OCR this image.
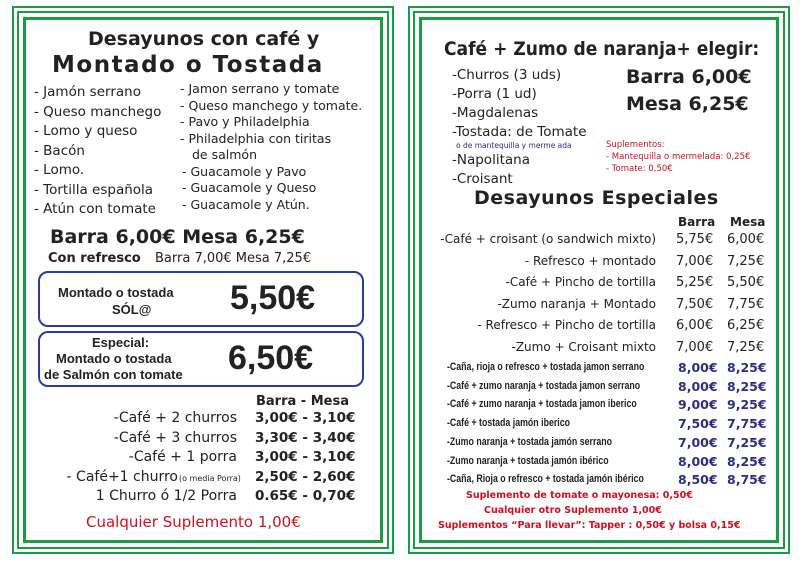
Desayunos con café y
Montado o Tostada
- Jamón serrano
- Queso manchego
- Lomo y queso
- Bacón
- Lomo.
- Tortilla española
- Atún con tomate
- Jamon serrano y tomate
- Queso manchego y tomate.
- Pavo y Philadelphia
- Philadelphia con tiritas
de salmón
- Guacamole y Pavo
- Guacamole y Queso
- Guacamole y Atún.
Barra 6,00€ Mesa 6,25€
Con refresco Barra 7,00€ Mesa 7,25€
Montado o tostada
SÓL@ 5,50€
Especial:
Montado o tostada
de Salmón con tomate 6,50€
Barra - Mesa
-Café + 2 churros 3,00€ - 3,10€
-Café + 3 churros 3,30€ - 3,40€
-Café + 1 porra 3,00€ - 3,10€
- Café+1 churro (o media Porra) 2,50€ - 2,60€
1 Churro ó 1/2 Porra 0.65€ - 0,70€
Cualquier Suplemento 1,00€
Café + Zumo de naranja+ elegir:
-Churros (3 uds)
-Porra (1 ud)
-Magdalenas
-Tostada: de Tomate
o de mantequilla y merme ada
-Napolitana
-Croisant
Barra 6,00€
Mesa 6,25€
Suplementos:
- Mantequilla o mermelada: 0,25€
- Tomate: 0,50€
Desayunos Especiales
Barra Mesa
-Café + croisant (o sandwich mixto) 5,75€ 6,00€
- Refresco + montado 7,00€ 7,25€
-Café + Pincho de tortilla 5,25€ 5,50€
-Zumo naranja + Montado 7,50€ 7,75€
- Refresco + Pincho de tortilla 6,00€ 6,25€
-Zumo + Croisant mixto 7,00€ 7,25€
-Caña, rioja o refresco + tostada jamon serrano	8,00€ 8,25€
-Café + zumo naranja + tostada jamon serrano	8,00€ 8,25€
-Café + zumo naranja + tostada jamon iberico	9,00€ 9,25€
-Café + tostada jamón iberico	7,50€ 7,75€
-Zumo naranja + tostada jamón serrano	7,00€ 7,25€
-Zumo naranja + tostada jamón ibérico	8,00€ 8,25€
-Caña, Rioja o refresco + tostada jamón ibérico	8,50€ 8,75€
Suplemento de tomate o mayonesa: 0,50€
Cualquier otro Suplemento 1,00€
Suplementos “Para llevar”: Tapper : 0,50€ y bolsa 0,15€
